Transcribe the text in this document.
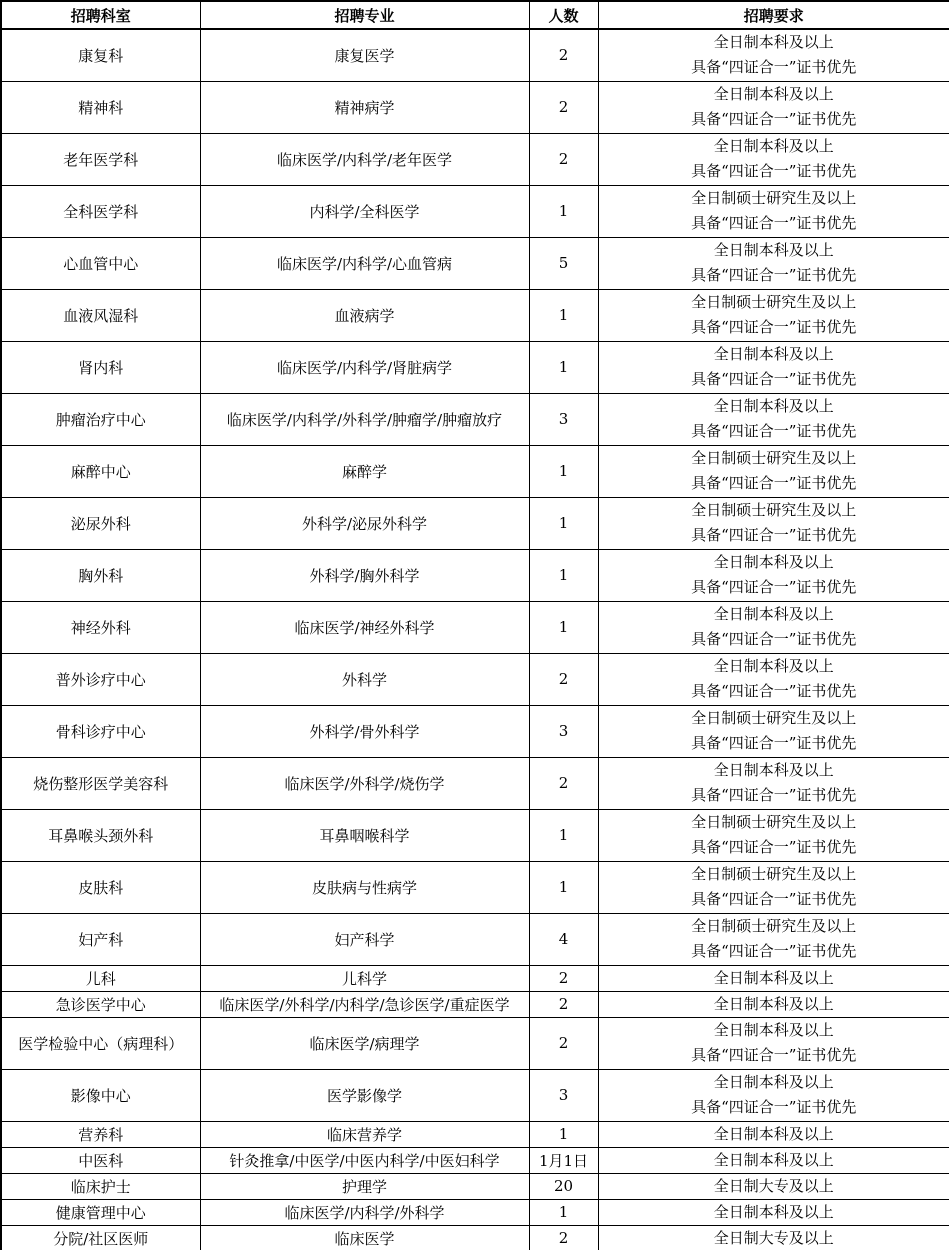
招聘科室	招聘专业	人数	招聘要求
康复科	康复医学	2	全日制本科及以上
具备“四证合一”证书优先

精神科	精神病学	2	全日制本科及以上
具备“四证合一”证书优先

老年医学科	临床医学/内科学/老年医学	2	全日制本科及以上
具备“四证合一”证书优先

全科医学科	内科学/全科医学	1	全日制硕士研究生及以上
具备“四证合一”证书优先

心血管中心	临床医学/内科学/心血管病	5	全日制本科及以上
具备“四证合一”证书优先

血液风湿科	血液病学	1	全日制硕士研究生及以上
具备“四证合一”证书优先

肾内科	临床医学/内科学/肾脏病学	1	全日制本科及以上
具备“四证合一”证书优先

肿瘤治疗中心	临床医学/内科学/外科学/肿瘤学/肿瘤放疗	3	全日制本科及以上
具备“四证合一”证书优先

麻醉中心	麻醉学	1	全日制硕士研究生及以上
具备“四证合一”证书优先

泌尿外科	外科学/泌尿外科学	1	全日制硕士研究生及以上
具备“四证合一”证书优先

胸外科	外科学/胸外科学	1	全日制本科及以上
具备“四证合一”证书优先

神经外科	临床医学/神经外科学	1	全日制本科及以上
具备“四证合一”证书优先

普外诊疗中心	外科学	2	全日制本科及以上
具备“四证合一”证书优先

骨科诊疗中心	外科学/骨外科学	3	全日制硕士研究生及以上
具备“四证合一”证书优先

烧伤整形医学美容科	临床医学/外科学/烧伤学	2	全日制本科及以上
具备“四证合一”证书优先

耳鼻喉头颈外科	耳鼻咽喉科学	1	全日制硕士研究生及以上
具备“四证合一”证书优先

皮肤科	皮肤病与性病学	1	全日制硕士研究生及以上
具备“四证合一”证书优先

妇产科	妇产科学	4	全日制硕士研究生及以上
具备“四证合一”证书优先

儿科	儿科学	2	全日制本科及以上

急诊医学中心	临床医学/外科学/内科学/急诊医学/重症医学	2	全日制本科及以上

医学检验中心（病理科）	临床医学/病理学	2	全日制本科及以上
具备“四证合一”证书优先

影像中心	医学影像学	3	全日制本科及以上
具备“四证合一”证书优先

营养科	临床营养学	1	全日制本科及以上

中医科	针灸推拿/中医学/中医内科学/中医妇科学	1月1日	全日制本科及以上

临床护士	护理学	20	全日制大专及以上

健康管理中心	临床医学/内科学/外科学	1	全日制本科及以上

分院/社区医师	临床医学	2	全日制大专及以上
